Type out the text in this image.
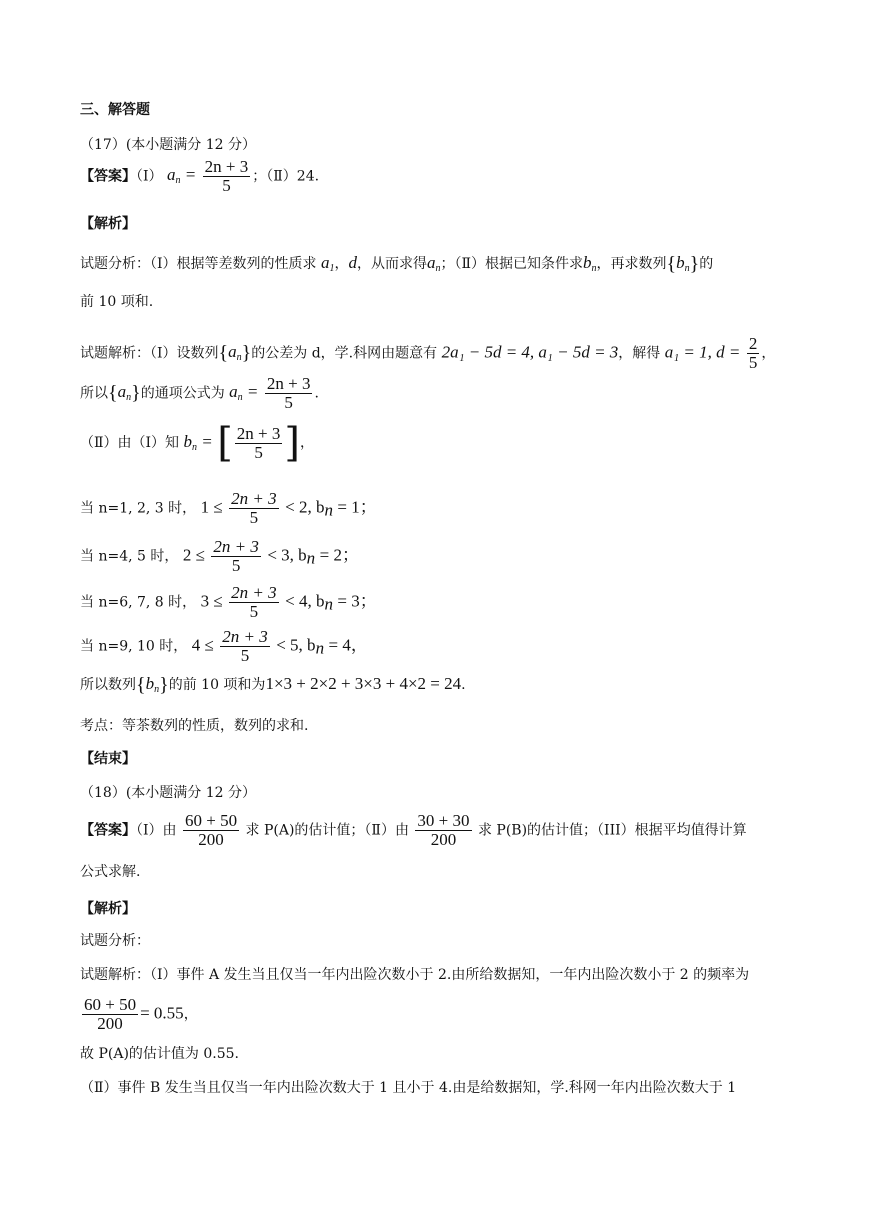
三、解答题
（17）(本小题满分 12 分）
【答案】（Ⅰ） $a_n = \frac{2n + 3}{5}$ ；（Ⅱ）24.
【解析】
试题分析：（Ⅰ）根据等差数列的性质求 $a_1$，d，从而求得$a_n$；（Ⅱ）根据已知条件求$b_n$，再求数列$\{b_n\}$的
前 10 项和.
试题解析：（Ⅰ）设数列$\{a_n\}$的公差为 d，学.科网由题意有 2a₁ − 5d = 4, a₁ − 5d = 3，解得 a₁ = 1, $d = \frac{2}{5}$ ，
所以$\{a_n\}$的通项公式为 $a_n = \frac{2n + 3}{5}$ .
（Ⅱ）由（Ⅰ）知 $b_n$ = [ $\frac{2n + 3}{5}$ ]，
当 n=1, 2, 3 时， $1 \le \frac{2n + 3}{5} < 2$, $b_n = 1$；
当 n=4, 5 时， $2 \le \frac{2n + 3}{5} < 3$, $b_n = 2$；
当 n=6, 7, 8 时， $3 \le \frac{2n + 3}{5} < 4$, $b_n = 3$；
当 n=9, 10 时， $4 \le \frac{2n + 3}{5} < 5$, $b_n = 4$，
所以数列$\{b_n\}$的前 10 项和为1×3 + 2×2 + 3×3 + 4×2 = 24.
考点：等茶数列的性质，数列的求和.
【结束】
（18）(本小题满分 12 分）
【答案】（Ⅰ）由 $\frac{60 + 50}{200}$ 求 P(A)的估计值；（Ⅱ）由 $\frac{30 + 30}{200}$ 求 P(B)的估计值；（III）根据平均值得计算
公式求解.
【解析】
试题分析：
试题解析：（Ⅰ）事件 A 发生当且仅当一年内出险次数小于 2.由所给数据知，一年内出险次数小于 2 的频率为
$\frac{60 + 50}{200} = 0.55$，
故 P(A)的估计值为 0.55.
（Ⅱ）事件 B 发生当且仅当一年内出险次数大于 1 且小于 4.由是给数据知，学.科网一年内出险次数大于 1
